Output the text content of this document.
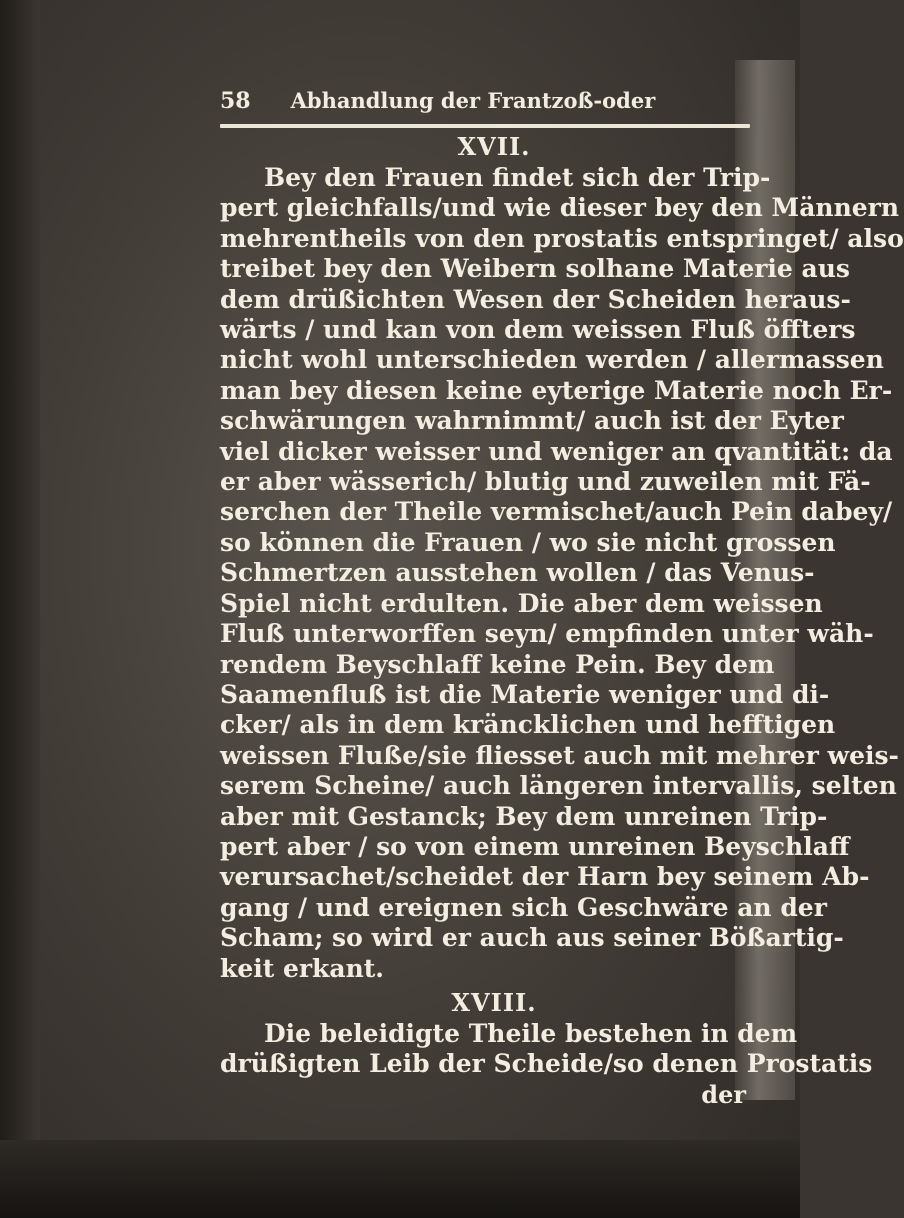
58 Abhandlung der Frantzoß-oder
XVII.
Bey den Frauen findet sich der Trip-
pert gleichfalls/und wie dieser bey den Männern
mehrentheils von den prostatis entspringet/ also
treibet bey den Weibern solhane Materie aus
dem drüßichten Wesen der Scheiden heraus-
wärts / und kan von dem weissen Fluß öffters
nicht wohl unterschieden werden / allermassen
man bey diesen keine eyterige Materie noch Er-
schwärungen wahrnimmt/ auch ist der Eyter
viel dicker weisser und weniger an qvantität: da
er aber wässerich/ blutig und zuweilen mit Fä-
serchen der Theile vermischet/auch Pein dabey/
so können die Frauen / wo sie nicht grossen
Schmertzen ausstehen wollen / das Venus-
Spiel nicht erdulten. Die aber dem weissen
Fluß unterworffen seyn/ empfinden unter wäh-
rendem Beyschlaff keine Pein. Bey dem
Saamenfluß ist die Materie weniger und di-
cker/ als in dem kräncklichen und hefftigen
weissen Fluße/sie fliesset auch mit mehrer weis-
serem Scheine/ auch längeren intervallis, selten
aber mit Gestanck; Bey dem unreinen Trip-
pert aber / so von einem unreinen Beyschlaff
verursachet/scheidet der Harn bey seinem Ab-
gang / und ereignen sich Geschwäre an der
Scham; so wird er auch aus seiner Bößartig-
keit erkant.
XVIII.
Die beleidigte Theile bestehen in dem
drüßigten Leib der Scheide/so denen Prostatis
der
